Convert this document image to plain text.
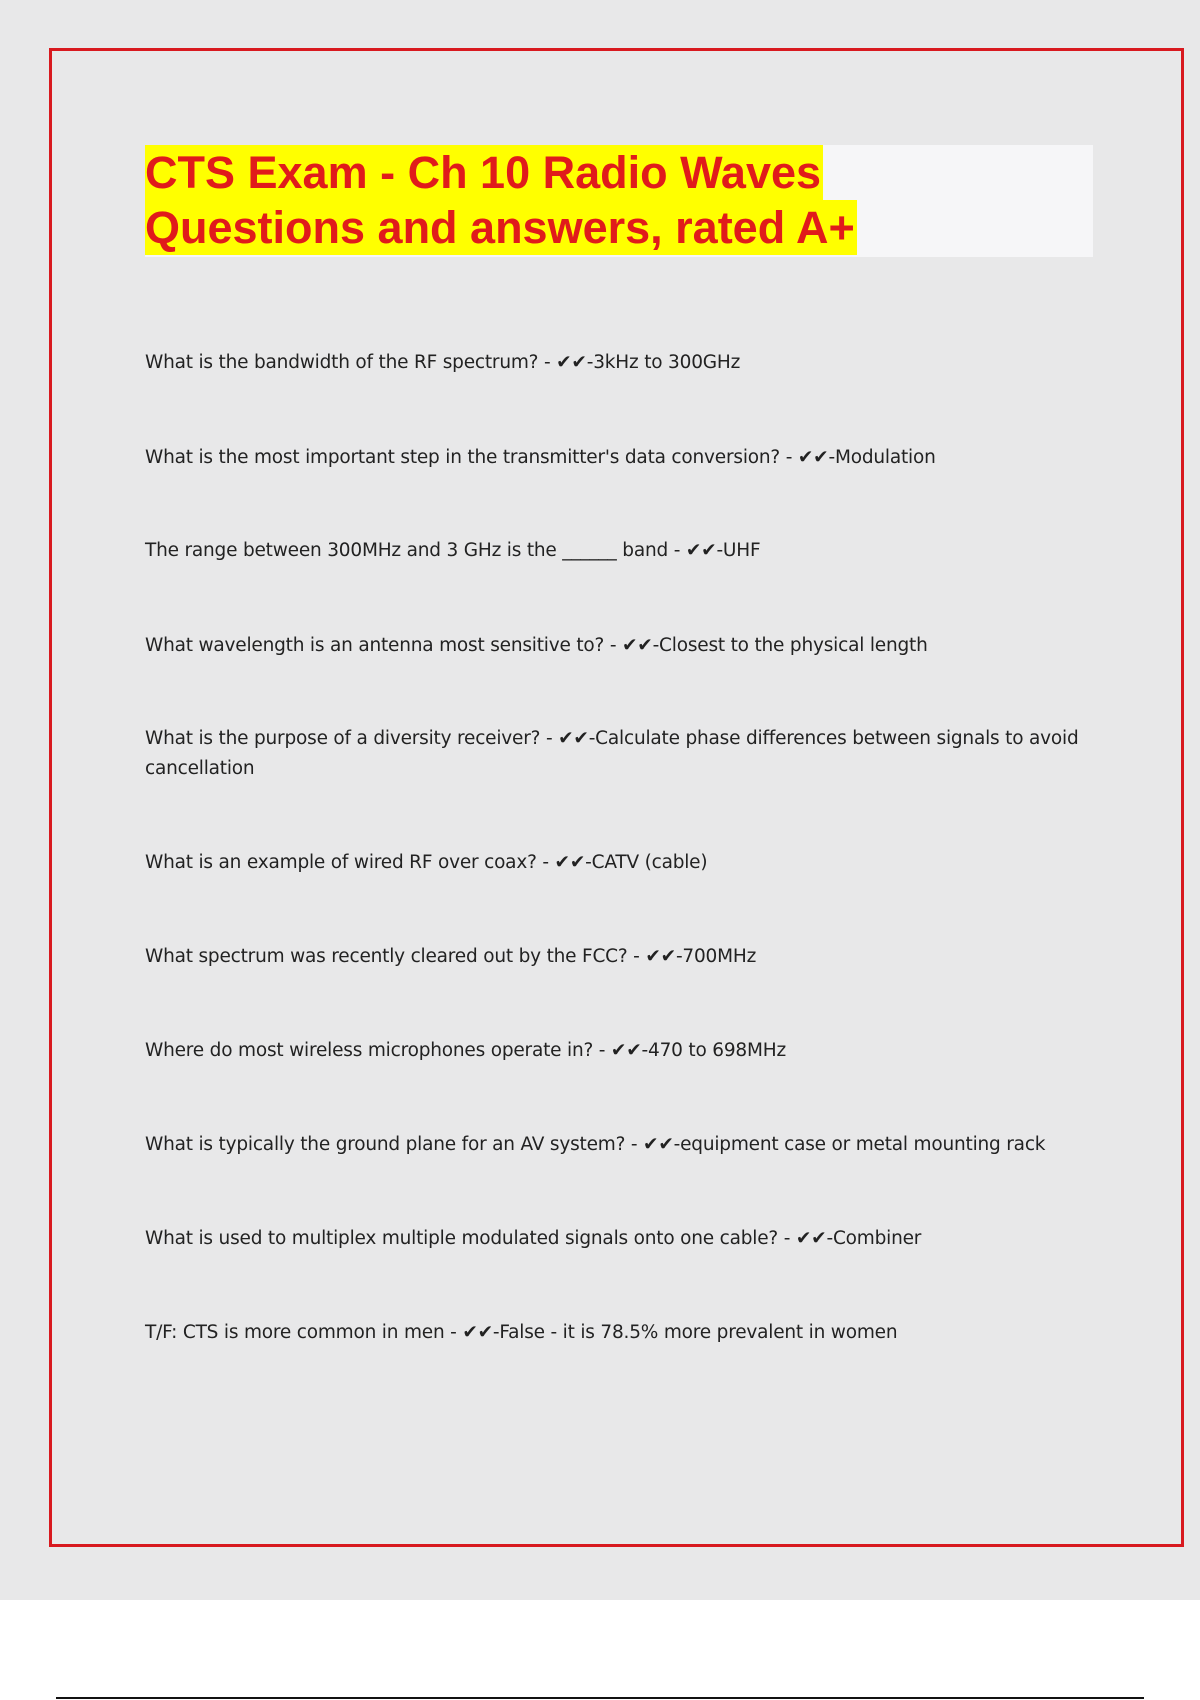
CTS Exam - Ch 10 Radio Waves
Questions and answers, rated A+
What is the bandwidth of the RF spectrum? - ✔✔-3kHz to 300GHz
What is the most important step in the transmitter's data conversion? - ✔✔-Modulation
The range between 300MHz and 3 GHz is the ______ band - ✔✔-UHF
What wavelength is an antenna most sensitive to? - ✔✔-Closest to the physical length
What is the purpose of a diversity receiver? - ✔✔-Calculate phase differences between signals to avoid cancellation
What is an example of wired RF over coax? - ✔✔-CATV (cable)
What spectrum was recently cleared out by the FCC? - ✔✔-700MHz
Where do most wireless microphones operate in? - ✔✔-470 to 698MHz
What is typically the ground plane for an AV system? - ✔✔-equipment case or metal mounting rack
What is used to multiplex multiple modulated signals onto one cable? - ✔✔-Combiner
T/F: CTS is more common in men - ✔✔-False - it is 78.5% more prevalent in women
